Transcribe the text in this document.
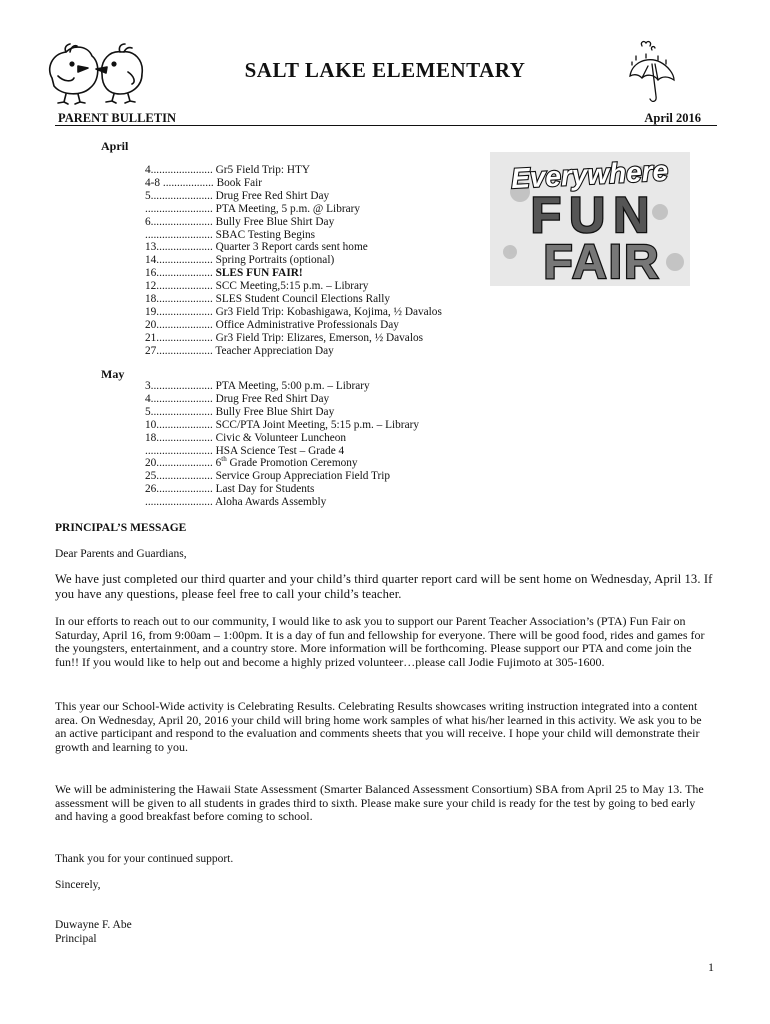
SALT LAKE ELEMENTARY
PARENT BULLETIN	April 2016
April
4...................... Gr5 Field Trip: HTY
4-8 .................. Book Fair
5...................... Drug Free Red Shirt Day
........................ PTA Meeting, 5 p.m. @ Library
6...................... Bully Free Blue Shirt Day
........................ SBAC Testing Begins
13.................... Quarter 3 Report cards sent home
14.................... Spring Portraits (optional)
16.................... SLES FUN FAIR!
12.................... SCC Meeting,5:15 p.m. – Library
18.................... SLES Student Council Elections Rally
19.................... Gr3 Field Trip: Kobashigawa, Kojima, ½ Davalos
20.................... Office Administrative Professionals Day
21.................... Gr3 Field Trip: Elizares, Emerson, ½ Davalos
27.................... Teacher Appreciation Day
Everywhere
FUN
FAIR
May
3...................... PTA Meeting, 5:00 p.m. – Library
4...................... Drug Free Red Shirt Day
5...................... Bully Free Blue Shirt Day
10.................... SCC/PTA Joint Meeting, 5:15 p.m. – Library
18.................... Civic & Volunteer Luncheon
........................ HSA Science Test – Grade 4
20.................... 6th Grade Promotion Ceremony
25.................... Service Group Appreciation Field Trip
26.................... Last Day for Students
........................ Aloha Awards Assembly
PRINCIPAL’S MESSAGE
Dear Parents and Guardians,
We have just completed our third quarter and your child’s third quarter report card will be sent home on Wednesday, April 13. If you have any questions, please feel free to call your child’s teacher.
In our efforts to reach out to our community, I would like to ask you to support our Parent Teacher Association’s (PTA) Fun Fair on Saturday, April 16, from 9:00am – 1:00pm. It is a day of fun and fellowship for everyone. There will be good food, rides and games for the youngsters, entertainment, and a country store. More information will be forthcoming. Please support our PTA and come join the fun!! If you would like to help out and become a highly prized volunteer…please call Jodie Fujimoto at 305-1600.
This year our School-Wide activity is Celebrating Results. Celebrating Results showcases writing instruction integrated into a content area. On Wednesday, April 20, 2016 your child will bring home work samples of what his/her learned in this activity. We ask you to be an active participant and respond to the evaluation and comments sheets that you will receive. I hope your child will demonstrate their growth and learning to you.
We will be administering the Hawaii State Assessment (Smarter Balanced Assessment Consortium) SBA from April 25 to May 13. The assessment will be given to all students in grades third to sixth. Please make sure your child is ready for the test by going to bed early and having a good breakfast before coming to school.
Thank you for your continued support.
Sincerely,
Duwayne F. Abe
Principal
1
